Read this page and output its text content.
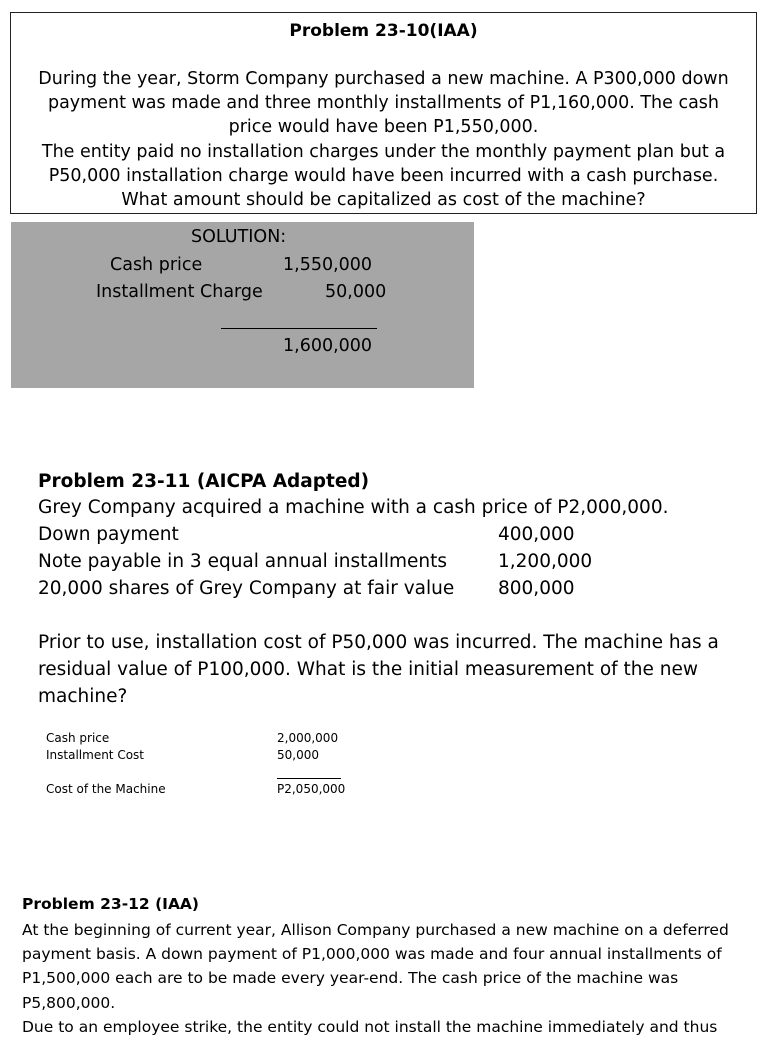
Problem 23-10(IAA)
During the year, Storm Company purchased a new machine. A P300,000 down
payment was made and three monthly installments of P1,160,000. The cash
price would have been P1,550,000.
The entity paid no installation charges under the monthly payment plan but a
P50,000 installation charge would have been incurred with a cash purchase.
What amount should be capitalized as cost of the machine?
SOLUTION:
Cash price	1,550,000
Installment Charge	50,000
1,600,000
Problem 23-11 (AICPA Adapted)
Grey Company acquired a machine with a cash price of P2,000,000.
Down payment	400,000
Note payable in 3 equal annual installments	1,200,000
20,000 shares of Grey Company at fair value 800,000
Prior to use, installation cost of P50,000 was incurred. The machine has a
residual value of P100,000. What is the initial measurement of the new
machine?
Cash price	2,000,000
Installment Cost	50,000
Cost of the Machine	P2,050,000
Problem 23-12 (IAA)
At the beginning of current year, Allison Company purchased a new machine on a deferred
payment basis. A down payment of P1,000,000 was made and four annual installments of
P1,500,000 each are to be made every year-end. The cash price of the machine was
P5,800,000.
Due to an employee strike, the entity could not install the machine immediately and thus
